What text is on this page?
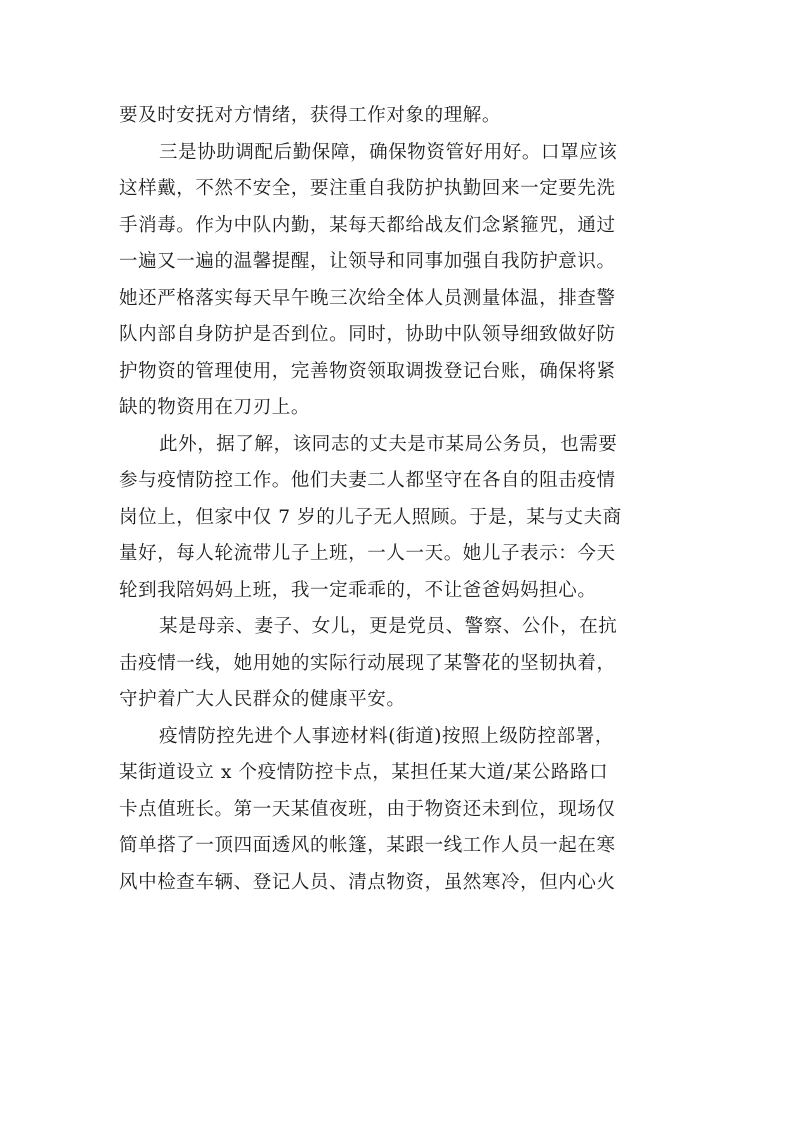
要及时安抚对方情绪，获得工作对象的理解。
三是协助调配后勤保障，确保物资管好用好。口罩应该
这样戴，不然不安全，要注重自我防护执勤回来一定要先洗
手消毒。作为中队内勤，某每天都给战友们念紧箍咒，通过
一遍又一遍的温馨提醒，让领导和同事加强自我防护意识。
她还严格落实每天早午晚三次给全体人员测量体温，排查警
队内部自身防护是否到位。同时，协助中队领导细致做好防
护物资的管理使用，完善物资领取调拨登记台账，确保将紧
缺的物资用在刀刃上。
此外，据了解，该同志的丈夫是市某局公务员，也需要
参与疫情防控工作。他们夫妻二人都坚守在各自的阻击疫情
岗位上，但家中仅 7 岁的儿子无人照顾。于是，某与丈夫商
量好，每人轮流带儿子上班，一人一天。她儿子表示：今天
轮到我陪妈妈上班，我一定乖乖的，不让爸爸妈妈担心。
某是母亲、妻子、女儿，更是党员、警察、公仆，在抗
击疫情一线，她用她的实际行动展现了某警花的坚韧执着，
守护着广大人民群众的健康平安。
疫情防控先进个人事迹材料(街道)按照上级防控部署，
某街道设立 x 个疫情防控卡点，某担任某大道/某公路路口
卡点值班长。第一天某值夜班，由于物资还未到位，现场仅
简单搭了一顶四面透风的帐篷，某跟一线工作人员一起在寒
风中检查车辆、登记人员、清点物资，虽然寒冷，但内心火
